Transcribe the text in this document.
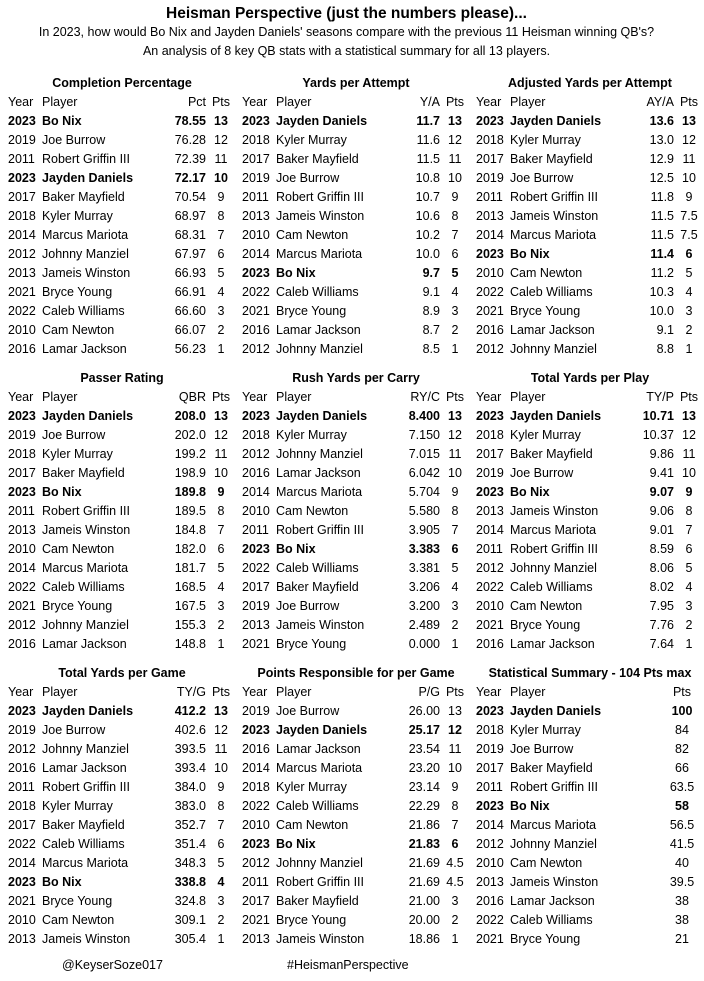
Heisman Perspective (just the numbers please)...
In 2023, how would Bo Nix and Jayden Daniels' seasons compare with the previous 11 Heisman winning QB's?
An analysis of 8 key QB stats with a statistical summary for all 13 players.
Completion Percentage
Year Player	Pct Pts
2023 Bo Nix	78.55 13
2019 Joe Burrow	76.28 12
2011 Robert Griffin III	72.39 11
2023 Jayden Daniels	72.17 10
2017 Baker Mayfield	70.54 9
2018 Kyler Murray	68.97 8
2014 Marcus Mariota	68.31 7
2012 Johnny Manziel	67.97 6
2013 Jameis Winston	66.93 5
2021 Bryce Young	66.91 4
2022 Caleb Williams	66.60 3
2010 Cam Newton	66.07 2
2016 Lamar Jackson	56.23 1
Yards per Attempt
Year Player	Y/A Pts
2023 Jayden Daniels	11.7 13
2018 Kyler Murray	11.6 12
2017 Baker Mayfield	11.5 11
2019 Joe Burrow	10.8 10
2011 Robert Griffin III	10.7 9
2013 Jameis Winston	10.6 8
2010 Cam Newton	10.2 7
2014 Marcus Mariota	10.0 6
2023 Bo Nix	9.7 5
2022 Caleb Williams	9.1 4
2021 Bryce Young	8.9 3
2016 Lamar Jackson	8.7 2
2012 Johnny Manziel	8.5 1
Adjusted Yards per Attempt
Year Player	AY/A Pts
2023 Jayden Daniels	13.6 13
2018 Kyler Murray	13.0 12
2017 Baker Mayfield	12.9 11
2019 Joe Burrow	12.5 10
2011 Robert Griffin III	11.8 9
2013 Jameis Winston	11.5 7.5
2014 Marcus Mariota	11.5 7.5
2023 Bo Nix	11.4 6
2010 Cam Newton	11.2 5
2022 Caleb Williams	10.3 4
2021 Bryce Young	10.0 3
2016 Lamar Jackson	9.1 2
2012 Johnny Manziel	8.8 1
Passer Rating
Year Player	QBR Pts
2023 Jayden Daniels	208.0 13
2019 Joe Burrow	202.0 12
2018 Kyler Murray	199.2 11
2017 Baker Mayfield	198.9 10
2023 Bo Nix	189.8 9
2011 Robert Griffin III	189.5 8
2013 Jameis Winston	184.8 7
2010 Cam Newton	182.0 6
2014 Marcus Mariota	181.7 5
2022 Caleb Williams	168.5 4
2021 Bryce Young	167.5 3
2012 Johnny Manziel	155.3 2
2016 Lamar Jackson	148.8 1
Rush Yards per Carry
Year Player	RY/C Pts
2023 Jayden Daniels	8.400 13
2018 Kyler Murray	7.150 12
2012 Johnny Manziel	7.015 11
2016 Lamar Jackson	6.042 10
2014 Marcus Mariota	5.704 9
2010 Cam Newton	5.580 8
2011 Robert Griffin III	3.905 7
2023 Bo Nix	3.383 6
2022 Caleb Williams	3.381 5
2017 Baker Mayfield	3.206 4
2019 Joe Burrow	3.200 3
2013 Jameis Winston	2.489 2
2021 Bryce Young	0.000 1
Total Yards per Play
Year Player	TY/P Pts
2023 Jayden Daniels	10.71 13
2018 Kyler Murray	10.37 12
2017 Baker Mayfield	9.86 11
2019 Joe Burrow	9.41 10
2023 Bo Nix	9.07 9
2013 Jameis Winston	9.06 8
2014 Marcus Mariota	9.01 7
2011 Robert Griffin III	8.59 6
2012 Johnny Manziel	8.06 5
2022 Caleb Williams	8.02 4
2010 Cam Newton	7.95 3
2021 Bryce Young	7.76 2
2016 Lamar Jackson	7.64 1
Total Yards per Game
Year Player	TY/G Pts
2023 Jayden Daniels	412.2 13
2019 Joe Burrow	402.6 12
2012 Johnny Manziel	393.5 11
2016 Lamar Jackson	393.4 10
2011 Robert Griffin III	384.0 9
2018 Kyler Murray	383.0 8
2017 Baker Mayfield	352.7 7
2022 Caleb Williams	351.4 6
2014 Marcus Mariota	348.3 5
2023 Bo Nix	338.8 4
2021 Bryce Young	324.8 3
2010 Cam Newton	309.1 2
2013 Jameis Winston	305.4 1
Points Responsible for per Game
Year Player	P/G Pts
2019 Joe Burrow	26.00 13
2023 Jayden Daniels	25.17 12
2016 Lamar Jackson	23.54 11
2014 Marcus Mariota	23.20 10
2018 Kyler Murray	23.14 9
2022 Caleb Williams	22.29 8
2010 Cam Newton	21.86 7
2023 Bo Nix	21.83 6
2012 Johnny Manziel	21.69 4.5
2011 Robert Griffin III	21.69 4.5
2017 Baker Mayfield	21.00 3
2021 Bryce Young	20.00 2
2013 Jameis Winston	18.86 1
Statistical Summary - 104 Pts max
Year Player	Pts
2023 Jayden Daniels	100
2018 Kyler Murray	84
2019 Joe Burrow	82
2017 Baker Mayfield	66
2011 Robert Griffin III	63.5
2023 Bo Nix	58
2014 Marcus Mariota	56.5
2012 Johnny Manziel	41.5
2010 Cam Newton	40
2013 Jameis Winston	39.5
2016 Lamar Jackson	38
2022 Caleb Williams	38
2021 Bryce Young	21
@KeyserSoze017	#HeismanPerspective
